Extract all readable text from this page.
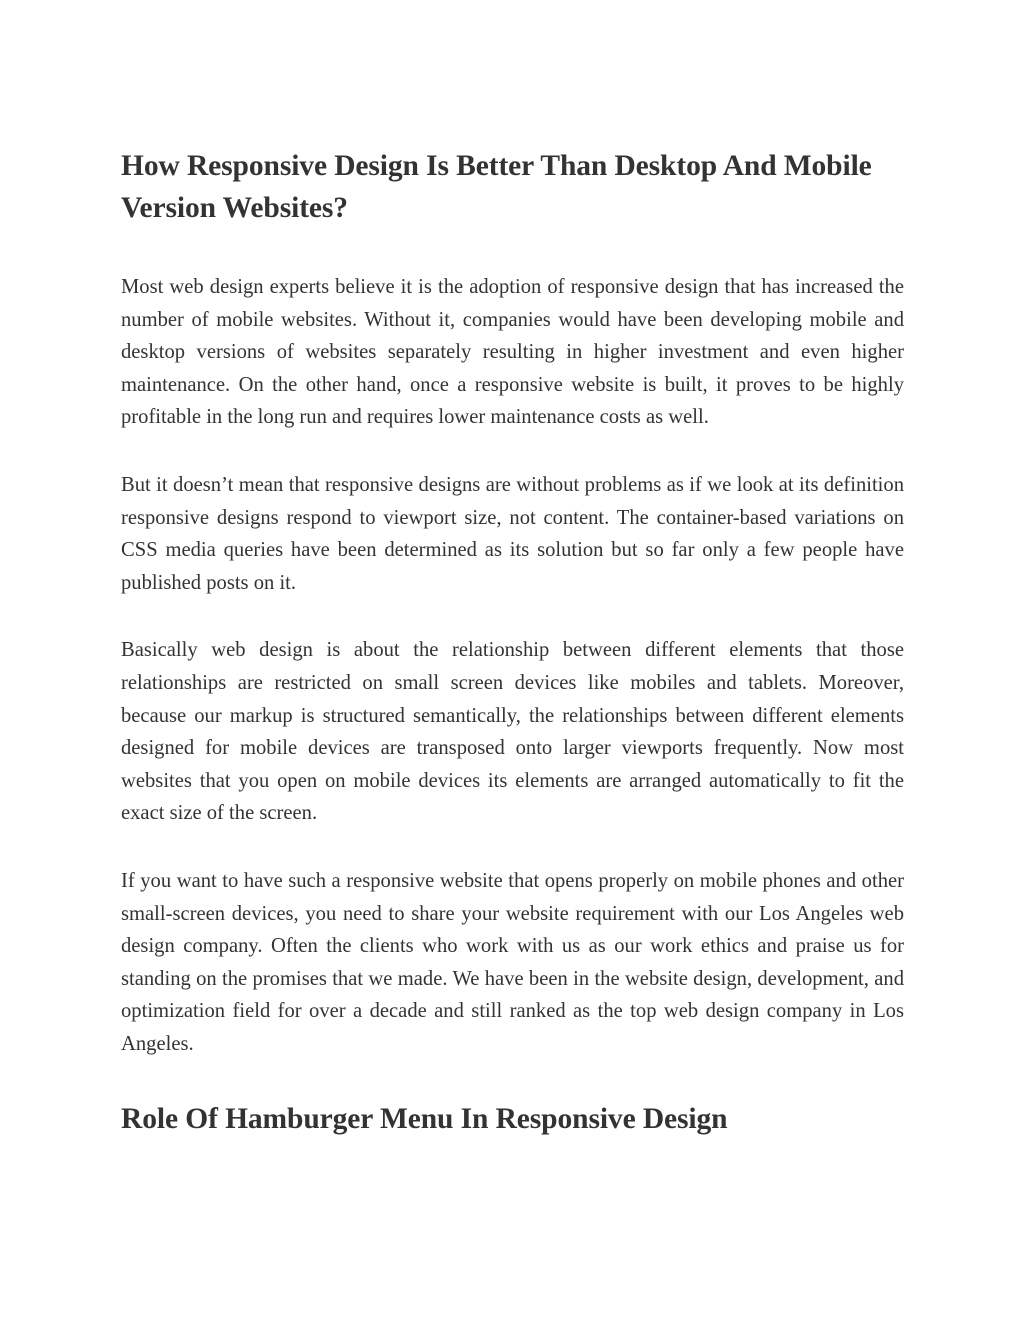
How Responsive Design Is Better Than Desktop And Mobile Version Websites?

Most web design experts believe it is the adoption of responsive design that has increased the number of mobile websites. Without it, companies would have been developing mobile and desktop versions of websites separately resulting in higher investment and even higher maintenance. On the other hand, once a responsive website is built, it proves to be highly profitable in the long run and requires lower maintenance costs as well.

But it doesn’t mean that responsive designs are without problems as if we look at its definition responsive designs respond to viewport size, not content. The container-based variations on CSS media queries have been determined as its solution but so far only a few people have published posts on it.

Basically web design is about the relationship between different elements that those relationships are restricted on small screen devices like mobiles and tablets. Moreover, because our markup is structured semantically, the relationships between different elements designed for mobile devices are transposed onto larger viewports frequently. Now most websites that you open on mobile devices its elements are arranged automatically to fit the exact size of the screen.

If you want to have such a responsive website that opens properly on mobile phones and other small-screen devices, you need to share your website requirement with our Los Angeles web design company. Often the clients who work with us as our work ethics and praise us for standing on the promises that we made. We have been in the website design, development, and optimization field for over a decade and still ranked as the top web design company in Los Angeles.

Role Of Hamburger Menu In Responsive Design
